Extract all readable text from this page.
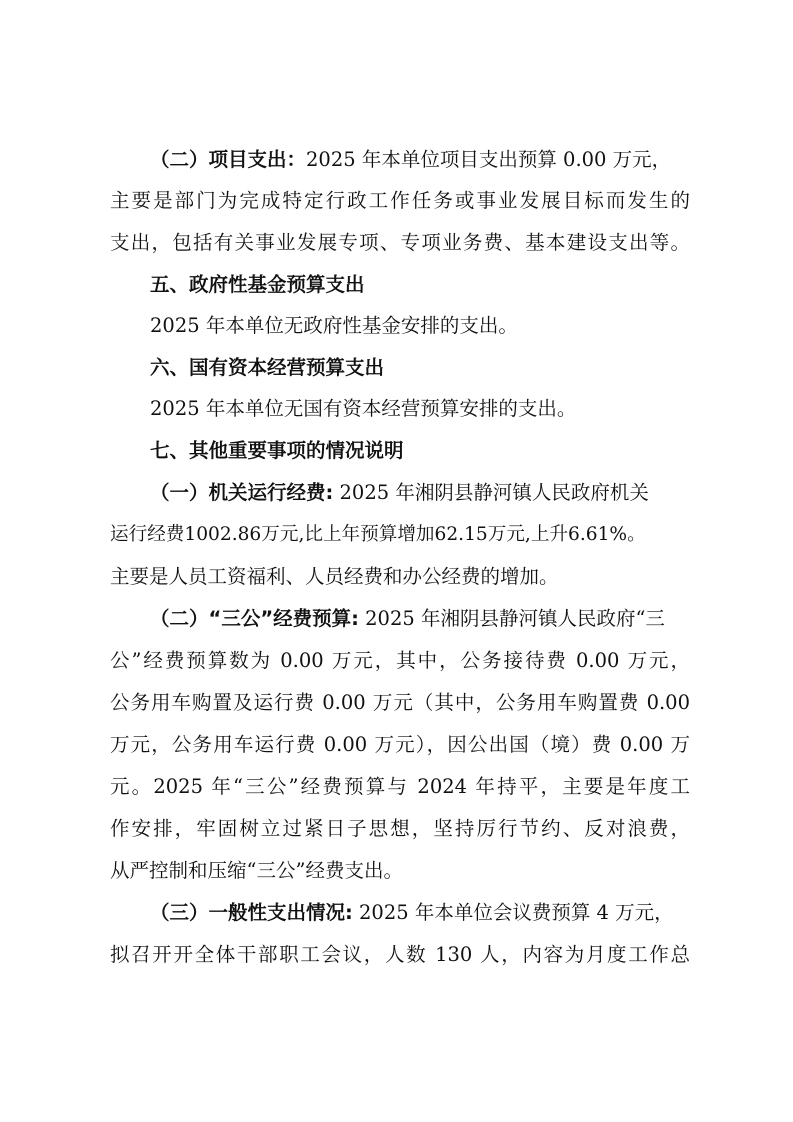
（二）项目支出：2025 年本单位项目支出预算 0.00 万元，
主要是部门为完成特定行政工作任务或事业发展目标而发生的
支出，包括有关事业发展专项、专项业务费、基本建设支出等。
五、政府性基金预算支出
2025 年本单位无政府性基金安排的支出。
六、国有资本经营预算支出
2025 年本单位无国有资本经营预算安排的支出。
七、其他重要事项的情况说明
（一）机关运行经费: 2025 年湘阴县静河镇人民政府机关
运行经费1002.86万元,比上年预算增加62.15万元,上升6.61%。
主要是人员工资福利、人员经费和办公经费的增加。
（二）“三公”经费预算: 2025 年湘阴县静河镇人民政府“三
公”经费预算数为 0.00 万元，其中，公务接待费 0.00 万元，
公务用车购置及运行费 0.00 万元（其中，公务用车购置费 0.00
万元，公务用车运行费 0.00 万元），因公出国（境）费 0.00 万
元。2025 年“三公”经费预算与 2024 年持平，主要是年度工
作安排，牢固树立过紧日子思想，坚持厉行节约、反对浪费，
从严控制和压缩“三公”经费支出。
（三）一般性支出情况: 2025 年本单位会议费预算 4 万元，
拟召开开全体干部职工会议，人数 130 人，内容为月度工作总
